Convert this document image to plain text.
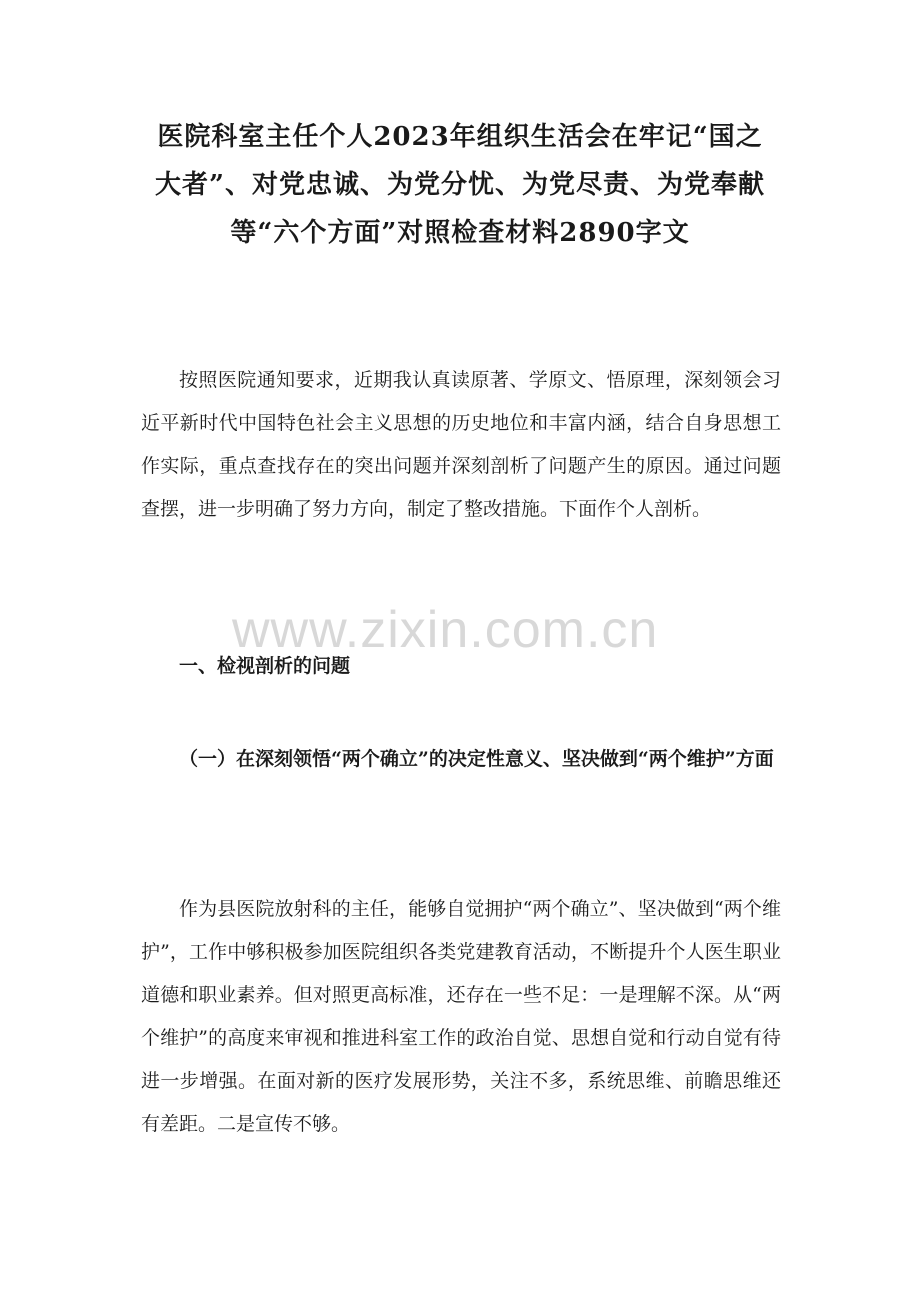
医院科室主任个人2023年组织生活会在牢记“国之
大者”、对党忠诚、为党分忧、为党尽责、为党奉献
等“六个方面”对照检查材料2890字文

按照医院通知要求，近期我认真读原著、学原文、悟原理，深刻领会习近平新时代中国特色社会主义思想的历史地位和丰富内涵，结合自身思想工作实际，重点查找存在的突出问题并深刻剖析了问题产生的原因。通过问题查摆，进一步明确了努力方向，制定了整改措施。下面作个人剖析。

www.zixin.com.cn
一、检视剖析的问题
（一）在深刻领悟“两个确立”的决定性意义、坚决做到“两个维护”方面

作为县医院放射科的主任，能够自觉拥护“两个确立”、坚决做到“两个维护”，工作中够积极参加医院组织各类党建教育活动，不断提升个人医生职业道德和职业素养。但对照更高标准，还存在一些不足：一是理解不深。从“两个维护”的高度来审视和推进科室工作的政治自觉、思想自觉和行动自觉有待进一步增强。在面对新的医疗发展形势，关注不多，系统思维、前瞻思维还有差距。二是宣传不够。
